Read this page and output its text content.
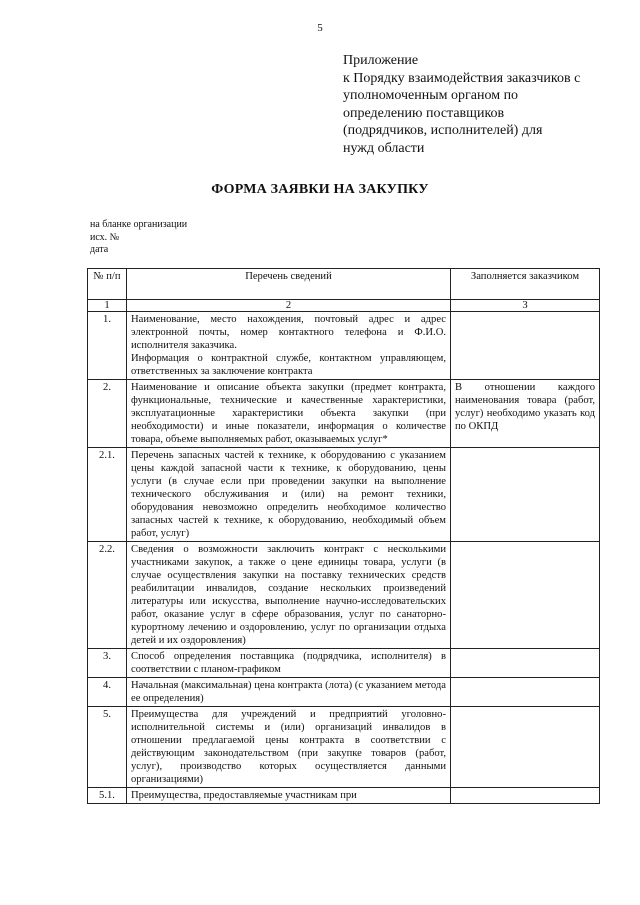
5
Приложение
к Порядку взаимодействия заказчиков с
уполномоченным органом по
определению поставщиков
(подрядчиков, исполнителей) для
нужд области
ФОРМА ЗАЯВКИ НА ЗАКУПКУ
на бланке организации
исх. №
дата
№ п/п	Перечень сведений	Заполняется заказчиком
1	2	3
1.	Наименование, место нахождения, почтовый адрес и адрес электронной почты, номер контактного телефона и Ф.И.О. исполнителя заказчика.
Информация о контрактной службе, контактном управляющем, ответственных за заключение контракта	

2.	Наименование и описание объекта закупки (предмет контракта, функциональные, технические и качественные характеристики, эксплуатационные характеристики объекта закупки (при необходимости) и иные показатели, информация о количестве товара, объеме выполняемых работ, оказываемых услуг*	В отношении каждого наименования товара (работ, услуг) необходимо указать код по ОКПД
2.1.	Перечень запасных частей к технике, к оборудованию с указанием цены каждой запасной части к технике, к оборудованию, цены услуги (в случае если при проведении закупки на выполнение технического обслуживания и (или) на ремонт техники, оборудования невозможно определить необходимое количество запасных частей к технике, к оборудованию, необходимый объем работ, услуг)	
2.2.	Сведения о возможности заключить контракт с несколькими участниками закупок, а также о цене единицы товара, услуги (в случае осуществления закупки на поставку технических средств реабилитации инвалидов, создание нескольких произведений литературы или искусства, выполнение научно-исследовательских работ, оказание услуг в сфере образования, услуг по санаторно-курортному лечению и оздоровлению, услуг по организации отдыха детей и их оздоровления)	
3.	Способ определения поставщика (подрядчика, исполнителя) в соответствии с планом-графиком	
4.	Начальная (максимальная) цена контракта (лота) (с указанием метода ее определения)	
5.	Преимущества для учреждений и предприятий уголовно-исполнительной системы и (или) организаций инвалидов в отношении предлагаемой цены контракта в соответствии с действующим законодательством (при закупке товаров (работ, услуг), производство которых осуществляется данными организациями)	
5.1.	Преимущества, предоставляемые участникам при	
